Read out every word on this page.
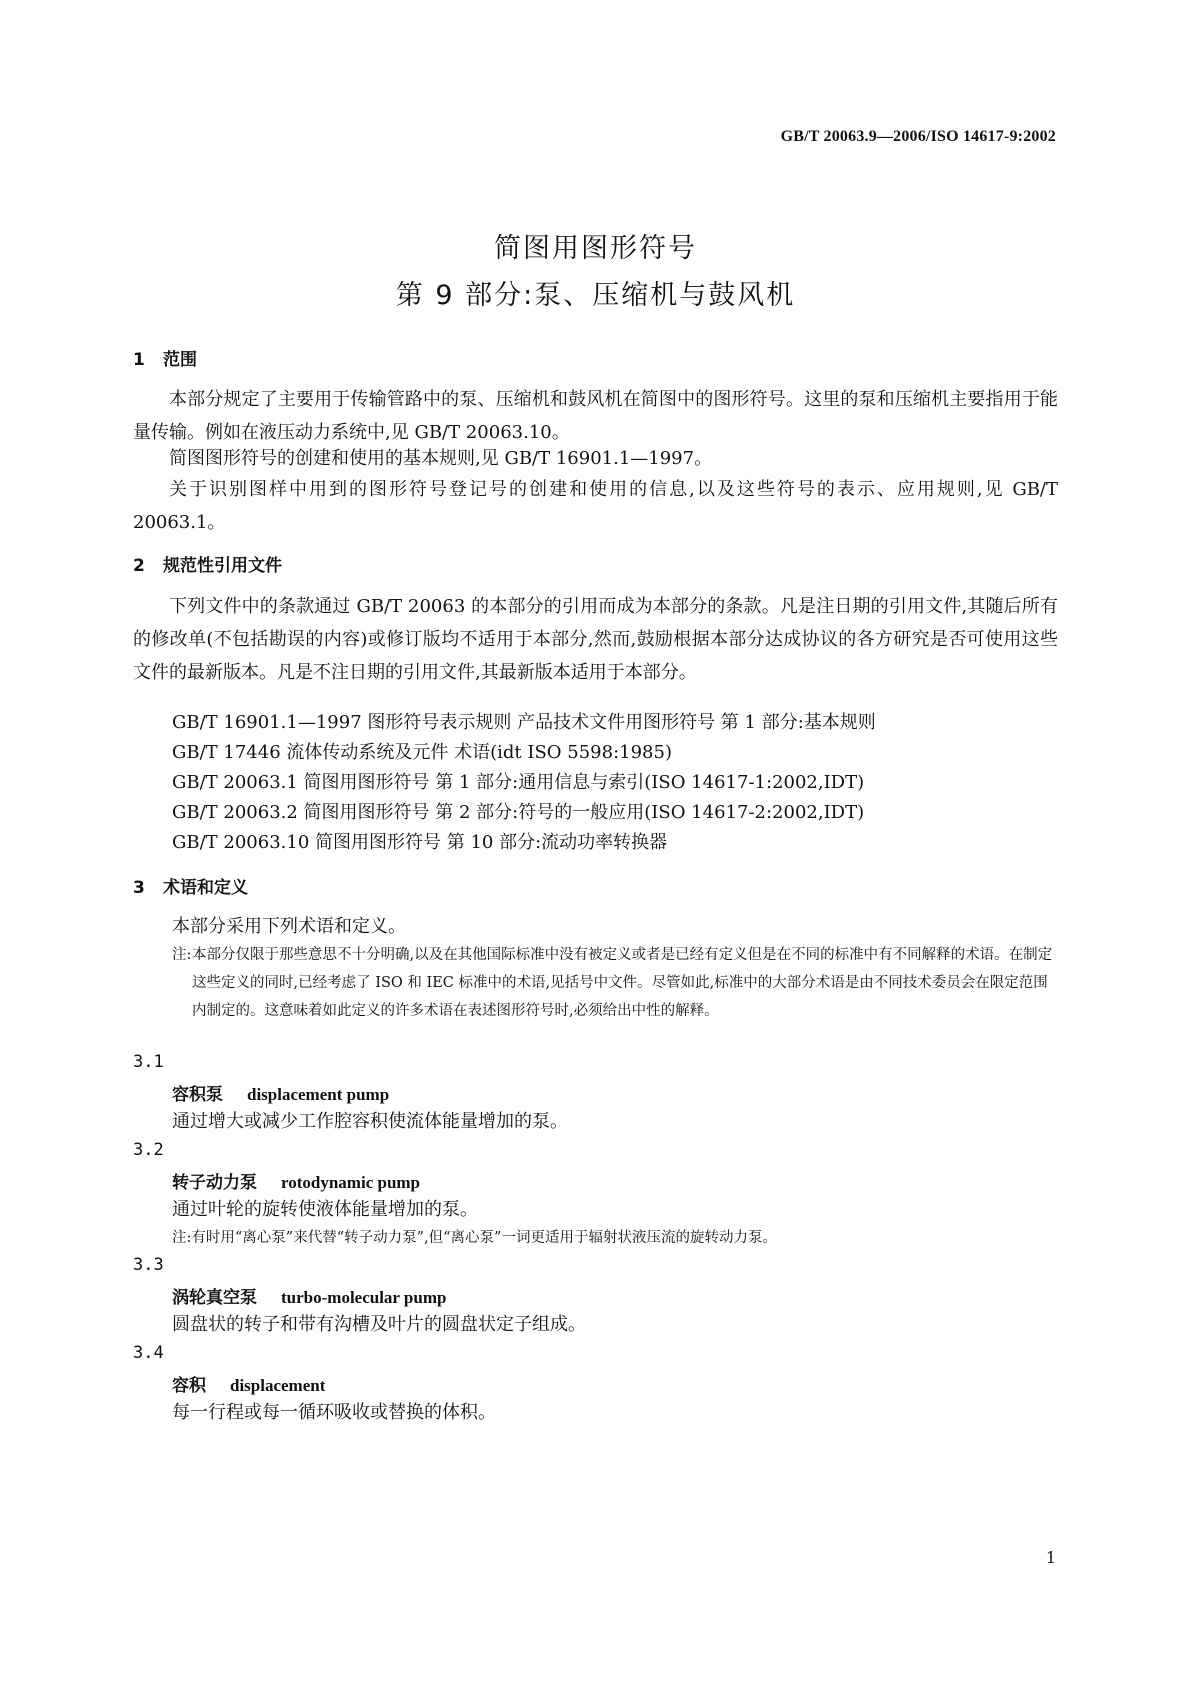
GB/T 20063.9—2006/ISO 14617-9:2002
简图用图形符号
第 9 部分:泵、压缩机与鼓风机
1 范围
本部分规定了主要用于传输管路中的泵、压缩机和鼓风机在简图中的图形符号。这里的泵和压缩机主要指用于能量传输。例如在液压动力系统中,见 GB/T 20063.10。
简图图形符号的创建和使用的基本规则,见 GB/T 16901.1—1997。
关于识别图样中用到的图形符号登记号的创建和使用的信息,以及这些符号的表示、应用规则,见 GB/T 20063.1。
2 规范性引用文件
下列文件中的条款通过 GB/T 20063 的本部分的引用而成为本部分的条款。凡是注日期的引用文件,其随后所有的修改单(不包括勘误的内容)或修订版均不适用于本部分,然而,鼓励根据本部分达成协议的各方研究是否可使用这些文件的最新版本。凡是不注日期的引用文件,其最新版本适用于本部分。
GB/T 16901.1—1997 图形符号表示规则 产品技术文件用图形符号 第 1 部分:基本规则
GB/T 17446 流体传动系统及元件 术语(idt ISO 5598:1985)
GB/T 20063.1 简图用图形符号 第 1 部分:通用信息与索引(ISO 14617-1:2002,IDT)
GB/T 20063.2 简图用图形符号 第 2 部分:符号的一般应用(ISO 14617-2:2002,IDT)
GB/T 20063.10 简图用图形符号 第 10 部分:流动功率转换器
3 术语和定义
本部分采用下列术语和定义。
注: 本部分仅限于那些意思不十分明确,以及在其他国际标准中没有被定义或者是已经有定义但是在不同的标准中有不同解释的术语。在制定这些定义的同时,已经考虑了 ISO 和 IEC 标准中的术语,见括号中文件。尽管如此,标准中的大部分术语是由不同技术委员会在限定范围内制定的。这意味着如此定义的许多术语在表述图形符号时,必须给出中性的解释。
3.1
容积泵 displacement pump
通过增大或减少工作腔容积使流体能量增加的泵。
3.2
转子动力泵 rotodynamic pump
通过叶轮的旋转使液体能量增加的泵。
注:有时用“离心泵”来代替“转子动力泵”,但“离心泵”一词更适用于辐射状液压流的旋转动力泵。
3.3
涡轮真空泵 turbo-molecular pump
圆盘状的转子和带有沟槽及叶片的圆盘状定子组成。
3.4
容积 displacement
每一行程或每一循环吸收或替换的体积。
1
